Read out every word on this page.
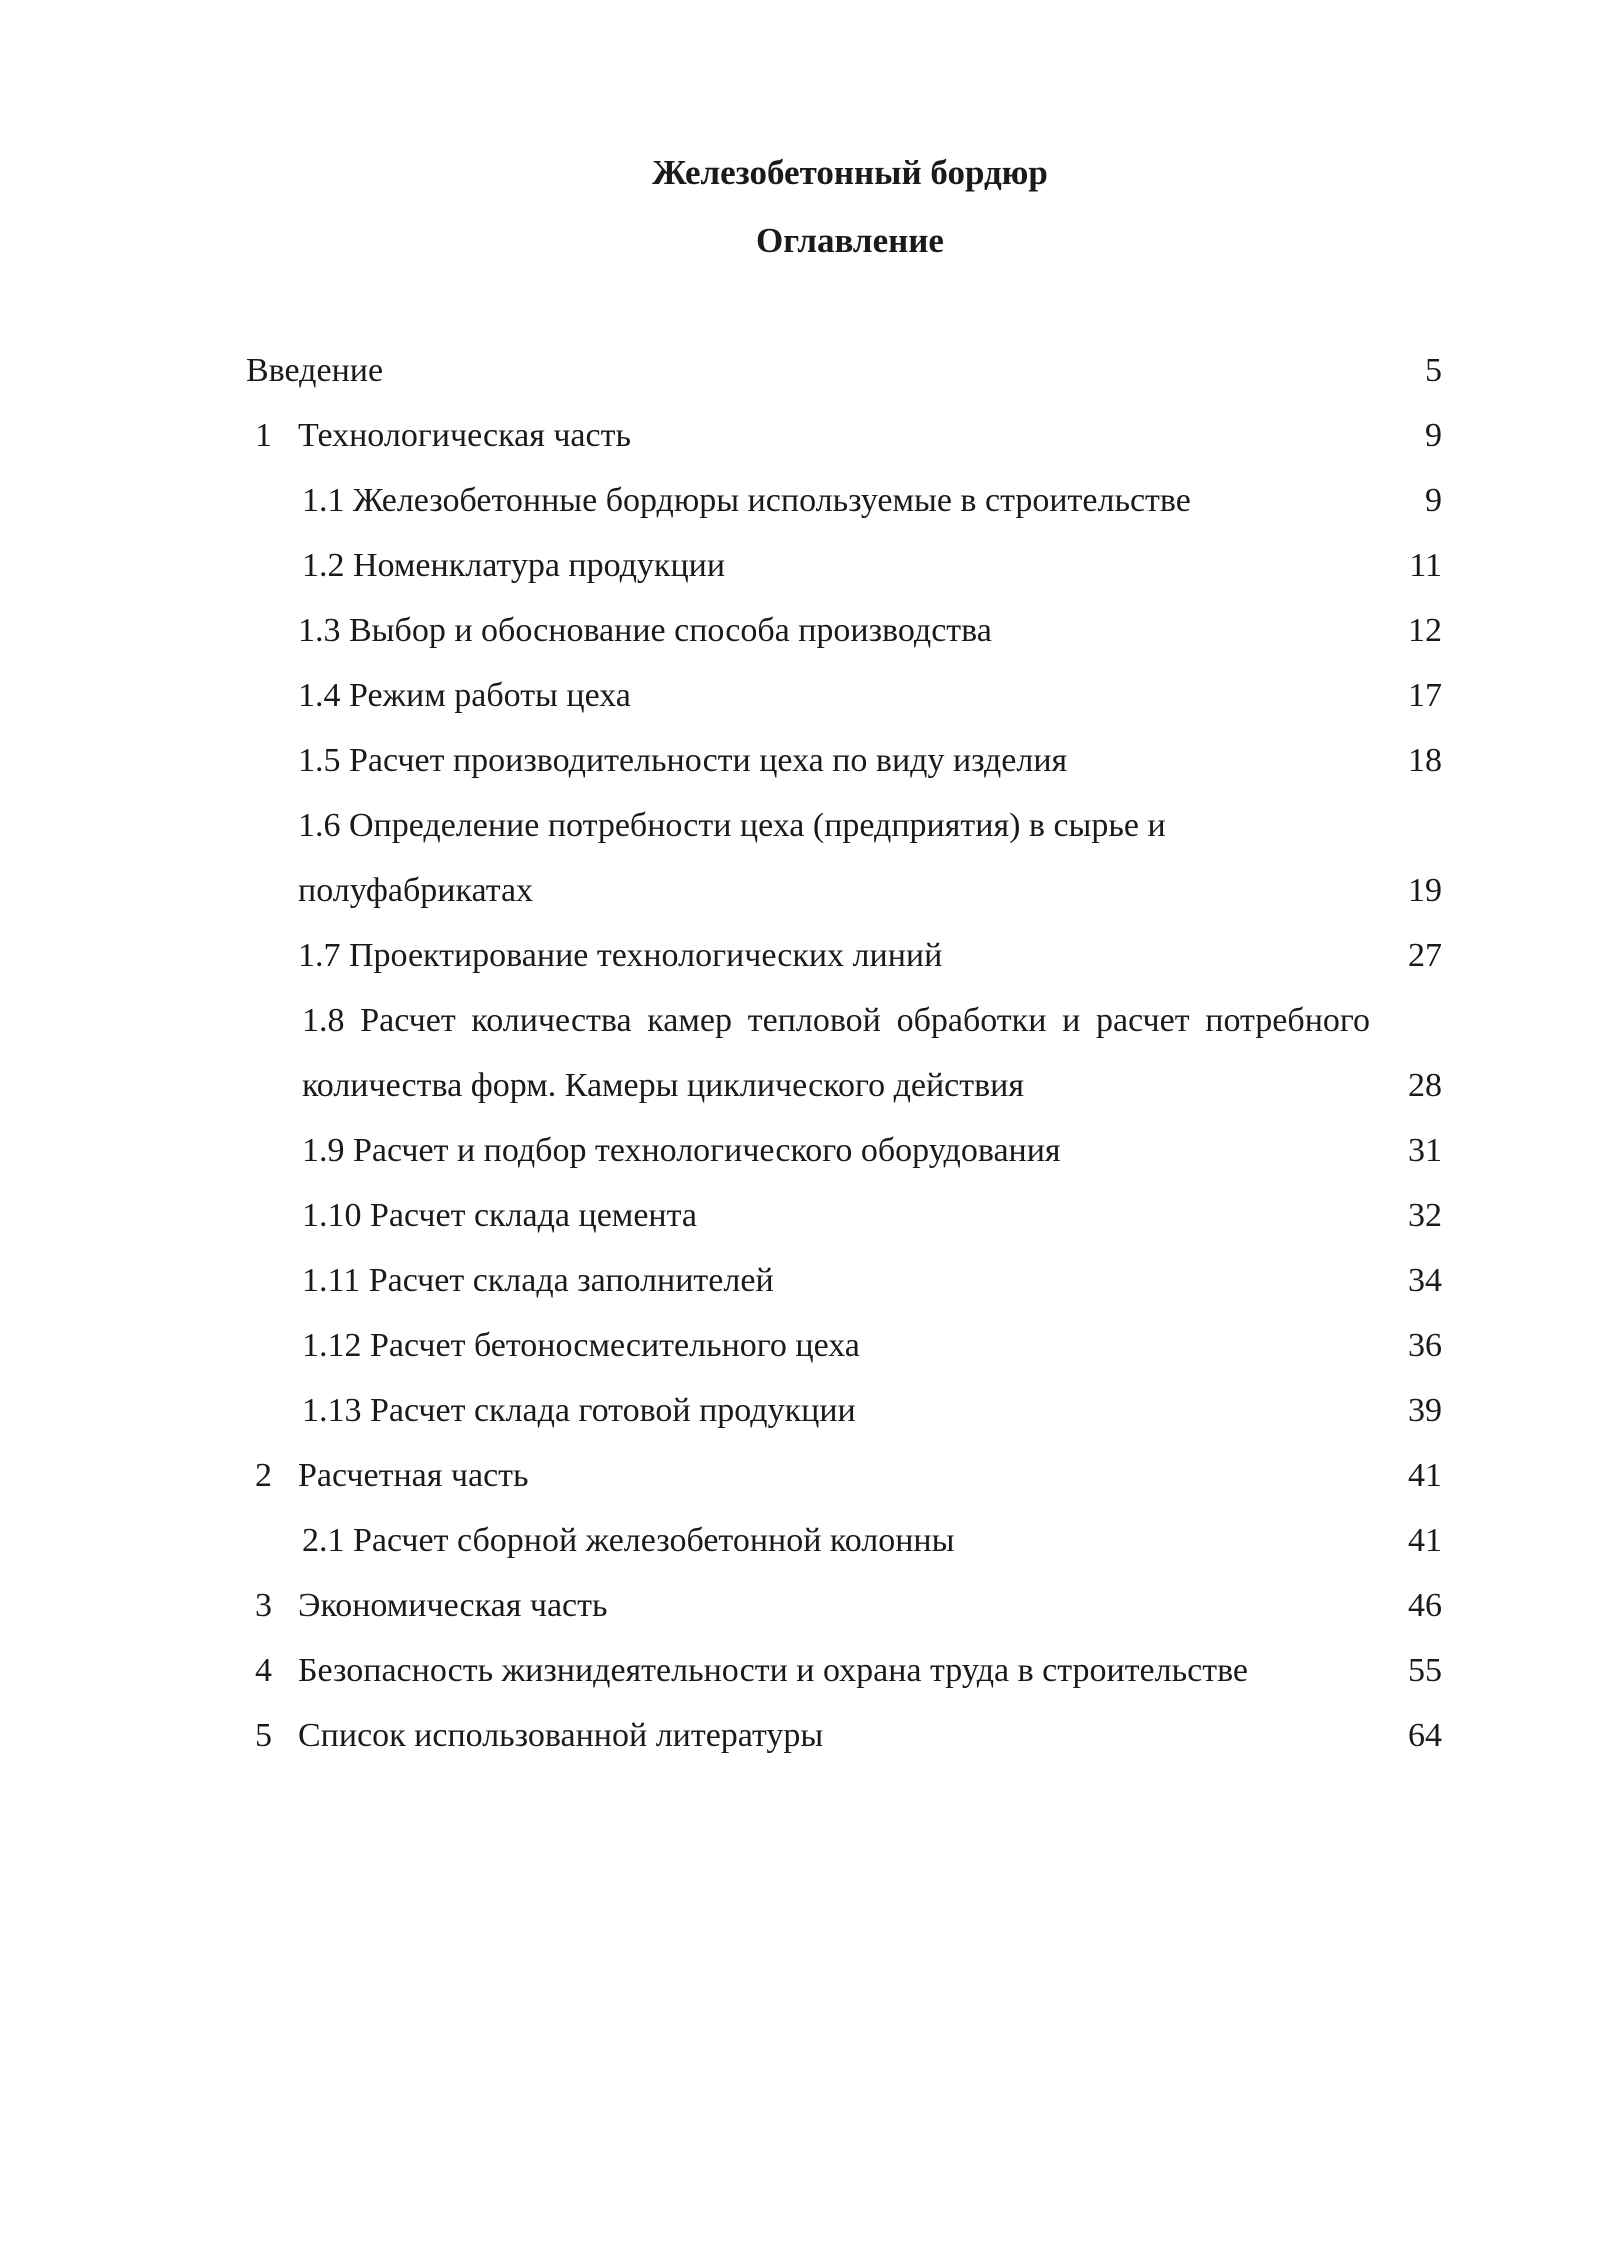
Железобетонный бордюр
Оглавление
Введение	5
1 Технологическая часть	9
1.1 Железобетонные бордюры используемые в строительстве	9
1.2 Номенклатура продукции	11
1.3 Выбор и обоснование способа производства	12
1.4 Режим работы цеха	17
1.5 Расчет производительности цеха по виду изделия	18
1.6 Определение потребности цеха (предприятия) в сырье и полуфабрикатах	19
1.7 Проектирование технологических линий	27
1.8 Расчет количества камер тепловой обработки и расчет потребного количества форм. Камеры циклического действия	28
1.9 Расчет и подбор технологического оборудования	31
1.10 Расчет склада цемента	32
1.11 Расчет склада заполнителей	34
1.12 Расчет бетоносмесительного цеха	36
1.13 Расчет склада готовой продукции	39
2 Расчетная часть	41
2.1 Расчет сборной железобетонной колонны	41
3 Экономическая часть	46
4 Безопасность жизнидеятельности и охрана труда в строительстве	55
5 Список использованной литературы	64
